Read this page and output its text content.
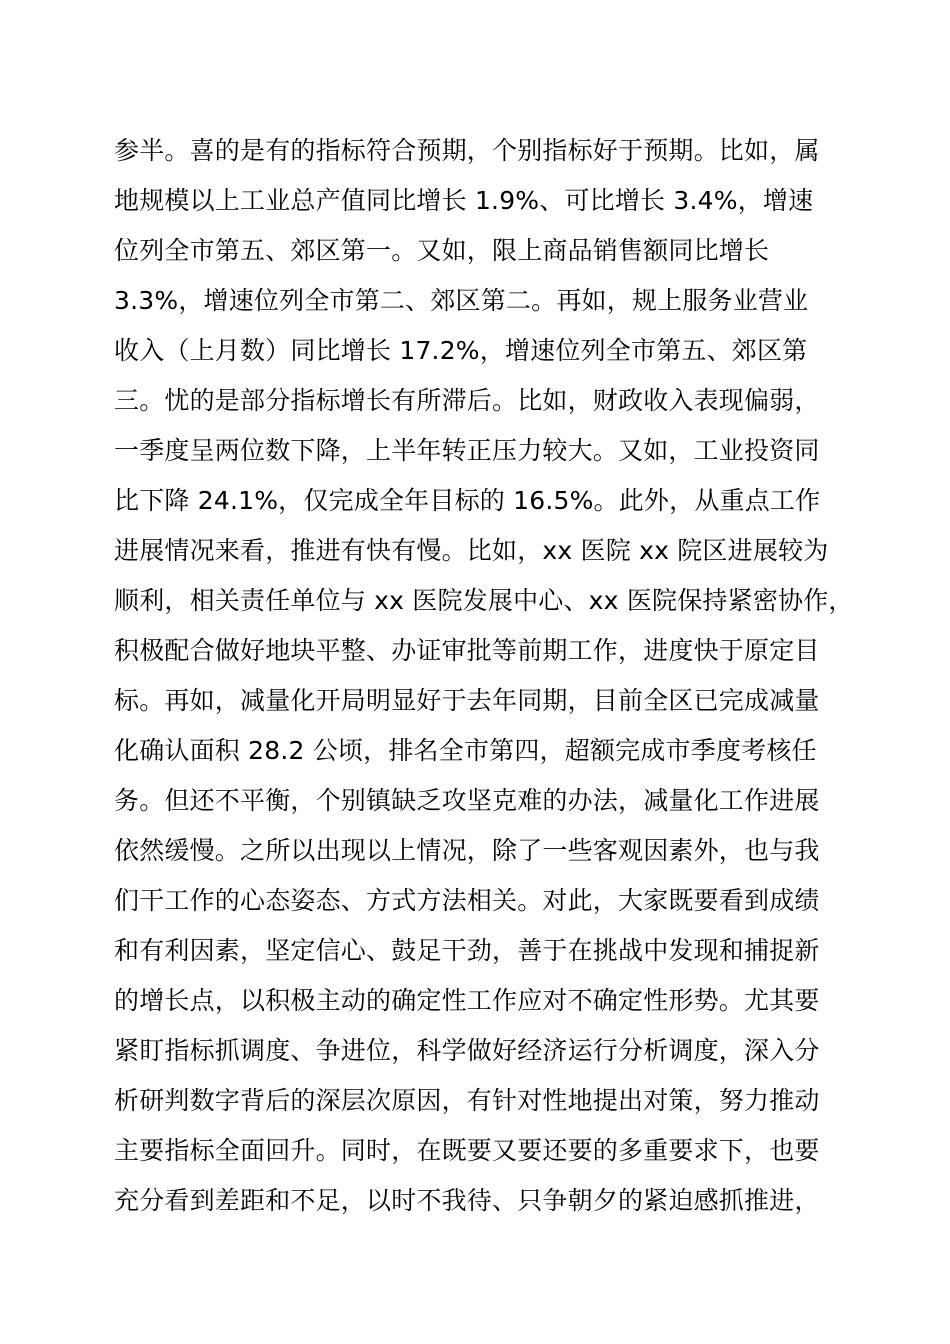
参半。喜的是有的指标符合预期，个别指标好于预期。比如，属
地规模以上工业总产值同比增长 1.9%、可比增长 3.4%，增速
位列全市第五、郊区第一。又如，限上商品销售额同比增长
3.3%，增速位列全市第二、郊区第二。再如，规上服务业营业
收入（上月数）同比增长 17.2%，增速位列全市第五、郊区第
三。忧的是部分指标增长有所滞后。比如，财政收入表现偏弱，
一季度呈两位数下降，上半年转正压力较大。又如，工业投资同
比下降 24.1%，仅完成全年目标的 16.5%。此外，从重点工作
进展情况来看，推进有快有慢。比如，xx 医院 xx 院区进展较为
顺利，相关责任单位与 xx 医院发展中心、xx 医院保持紧密协作，
积极配合做好地块平整、办证审批等前期工作，进度快于原定目
标。再如，减量化开局明显好于去年同期，目前全区已完成减量
化确认面积 28.2 公顷，排名全市第四，超额完成市季度考核任
务。但还不平衡，个别镇缺乏攻坚克难的办法，减量化工作进展
依然缓慢。之所以出现以上情况，除了一些客观因素外，也与我
们干工作的心态姿态、方式方法相关。对此，大家既要看到成绩
和有利因素，坚定信心、鼓足干劲，善于在挑战中发现和捕捉新
的增长点，以积极主动的确定性工作应对不确定性形势。尤其要
紧盯指标抓调度、争进位，科学做好经济运行分析调度，深入分
析研判数字背后的深层次原因，有针对性地提出对策，努力推动
主要指标全面回升。同时，在既要又要还要的多重要求下，也要
充分看到差距和不足，以时不我待、只争朝夕的紧迫感抓推进，
